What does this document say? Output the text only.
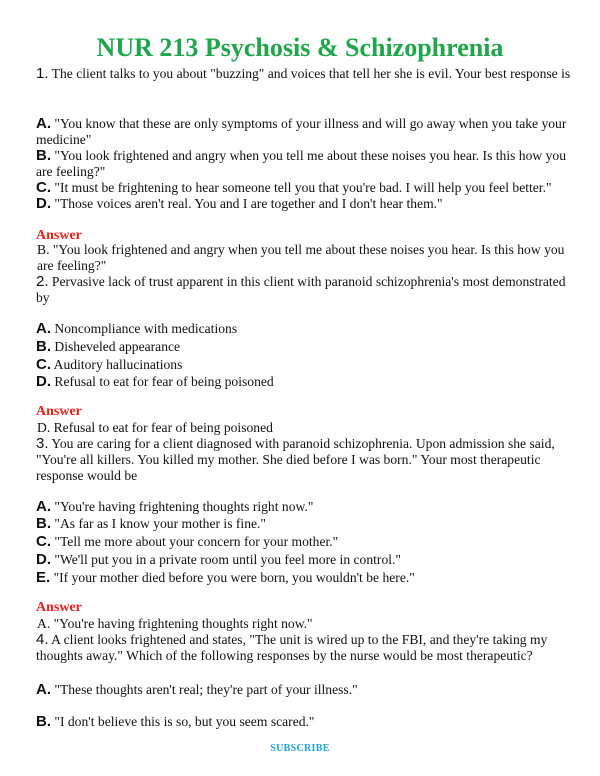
NUR 213 Psychosis & Schizophrenia
1. The client talks to you about "buzzing" and voices that tell her she is evil. Your best response is
A. "You know that these are only symptoms of your illness and will go away when you take your medicine"
B. "You look frightened and angry when you tell me about these noises you hear. Is this how you are feeling?"
C. "It must be frightening to hear someone tell you that you're bad. I will help you feel better."
D. "Those voices aren't real. You and I are together and I don't hear them."
Answer
B. "You look frightened and angry when you tell me about these noises you hear. Is this how you are feeling?"
2. Pervasive lack of trust apparent in this client with paranoid schizophrenia's most demonstrated by
A. Noncompliance with medications
B. Disheveled appearance
C. Auditory hallucinations
D. Refusal to eat for fear of being poisoned
Answer
D. Refusal to eat for fear of being poisoned
3. You are caring for a client diagnosed with paranoid schizophrenia. Upon admission she said, "You're all killers. You killed my mother. She died before I was born." Your most therapeutic response would be
A. "You're having frightening thoughts right now."
B. "As far as I know your mother is fine."
C. "Tell me more about your concern for your mother."
D. "We'll put you in a private room until you feel more in control."
E. "If your mother died before you were born, you wouldn't be here."
Answer
A. "You're having frightening thoughts right now."
4. A client looks frightened and states, "The unit is wired up to the FBI, and they're taking my thoughts away." Which of the following responses by the nurse would be most therapeutic?
A. "These thoughts aren't real; they're part of your illness."
B. "I don't believe this is so, but you seem scared."
SUBSCRIBE
